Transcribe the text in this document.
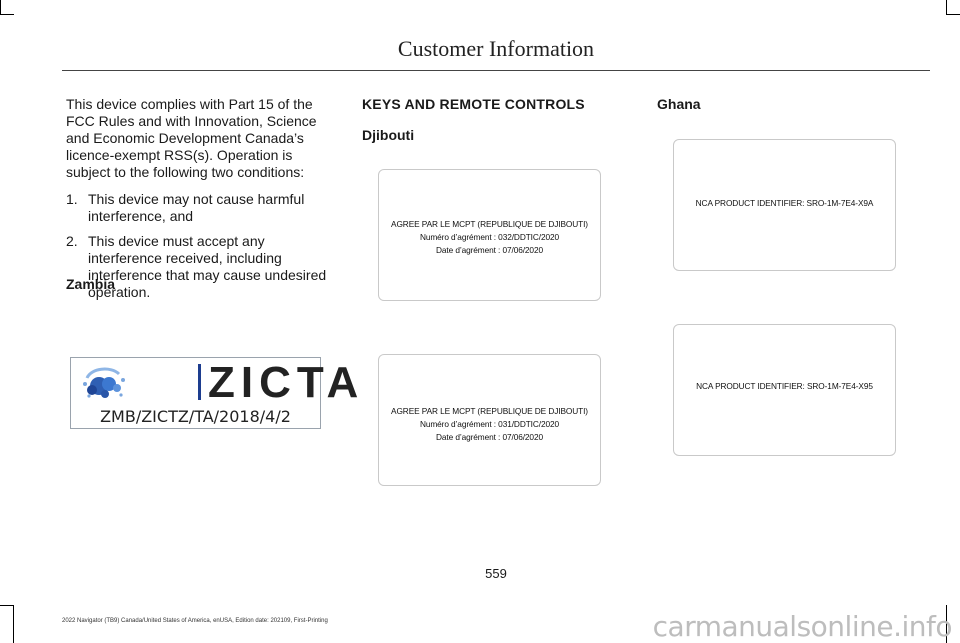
Customer Information

This device complies with Part 15 of the FCC Rules and with Innovation, Science and Economic Development Canada’s licence-exempt RSS(s). Operation is subject to the following two conditions:

1. This device may not cause harmful interference, and
2. This device must accept any interference received, including interference that may cause undesired operation.
Zambia
ZICTA
ZMB/ZICTZ/TA/2018/4/2
KEYS AND REMOTE CONTROLS
Djibouti
AGREE PAR LE MCPT (REPUBLIQUE DE DJIBOUTI)
Numéro d’agrément : 032/DDTIC/2020
Date d’agrément : 07/06/2020
AGREE PAR LE MCPT (REPUBLIQUE DE DJIBOUTI)
Numéro d’agrément : 031/DDTIC/2020
Date d’agrément : 07/06/2020
Ghana
NCA PRODUCT IDENTIFIER: SRO-1M-7E4-X9A
NCA PRODUCT IDENTIFIER: SRO-1M-7E4-X95
559
2022 Navigator (TB9) Canada/United States of America, enUSA, Edition date: 202109, First-Printing	carmanualsonline.info
